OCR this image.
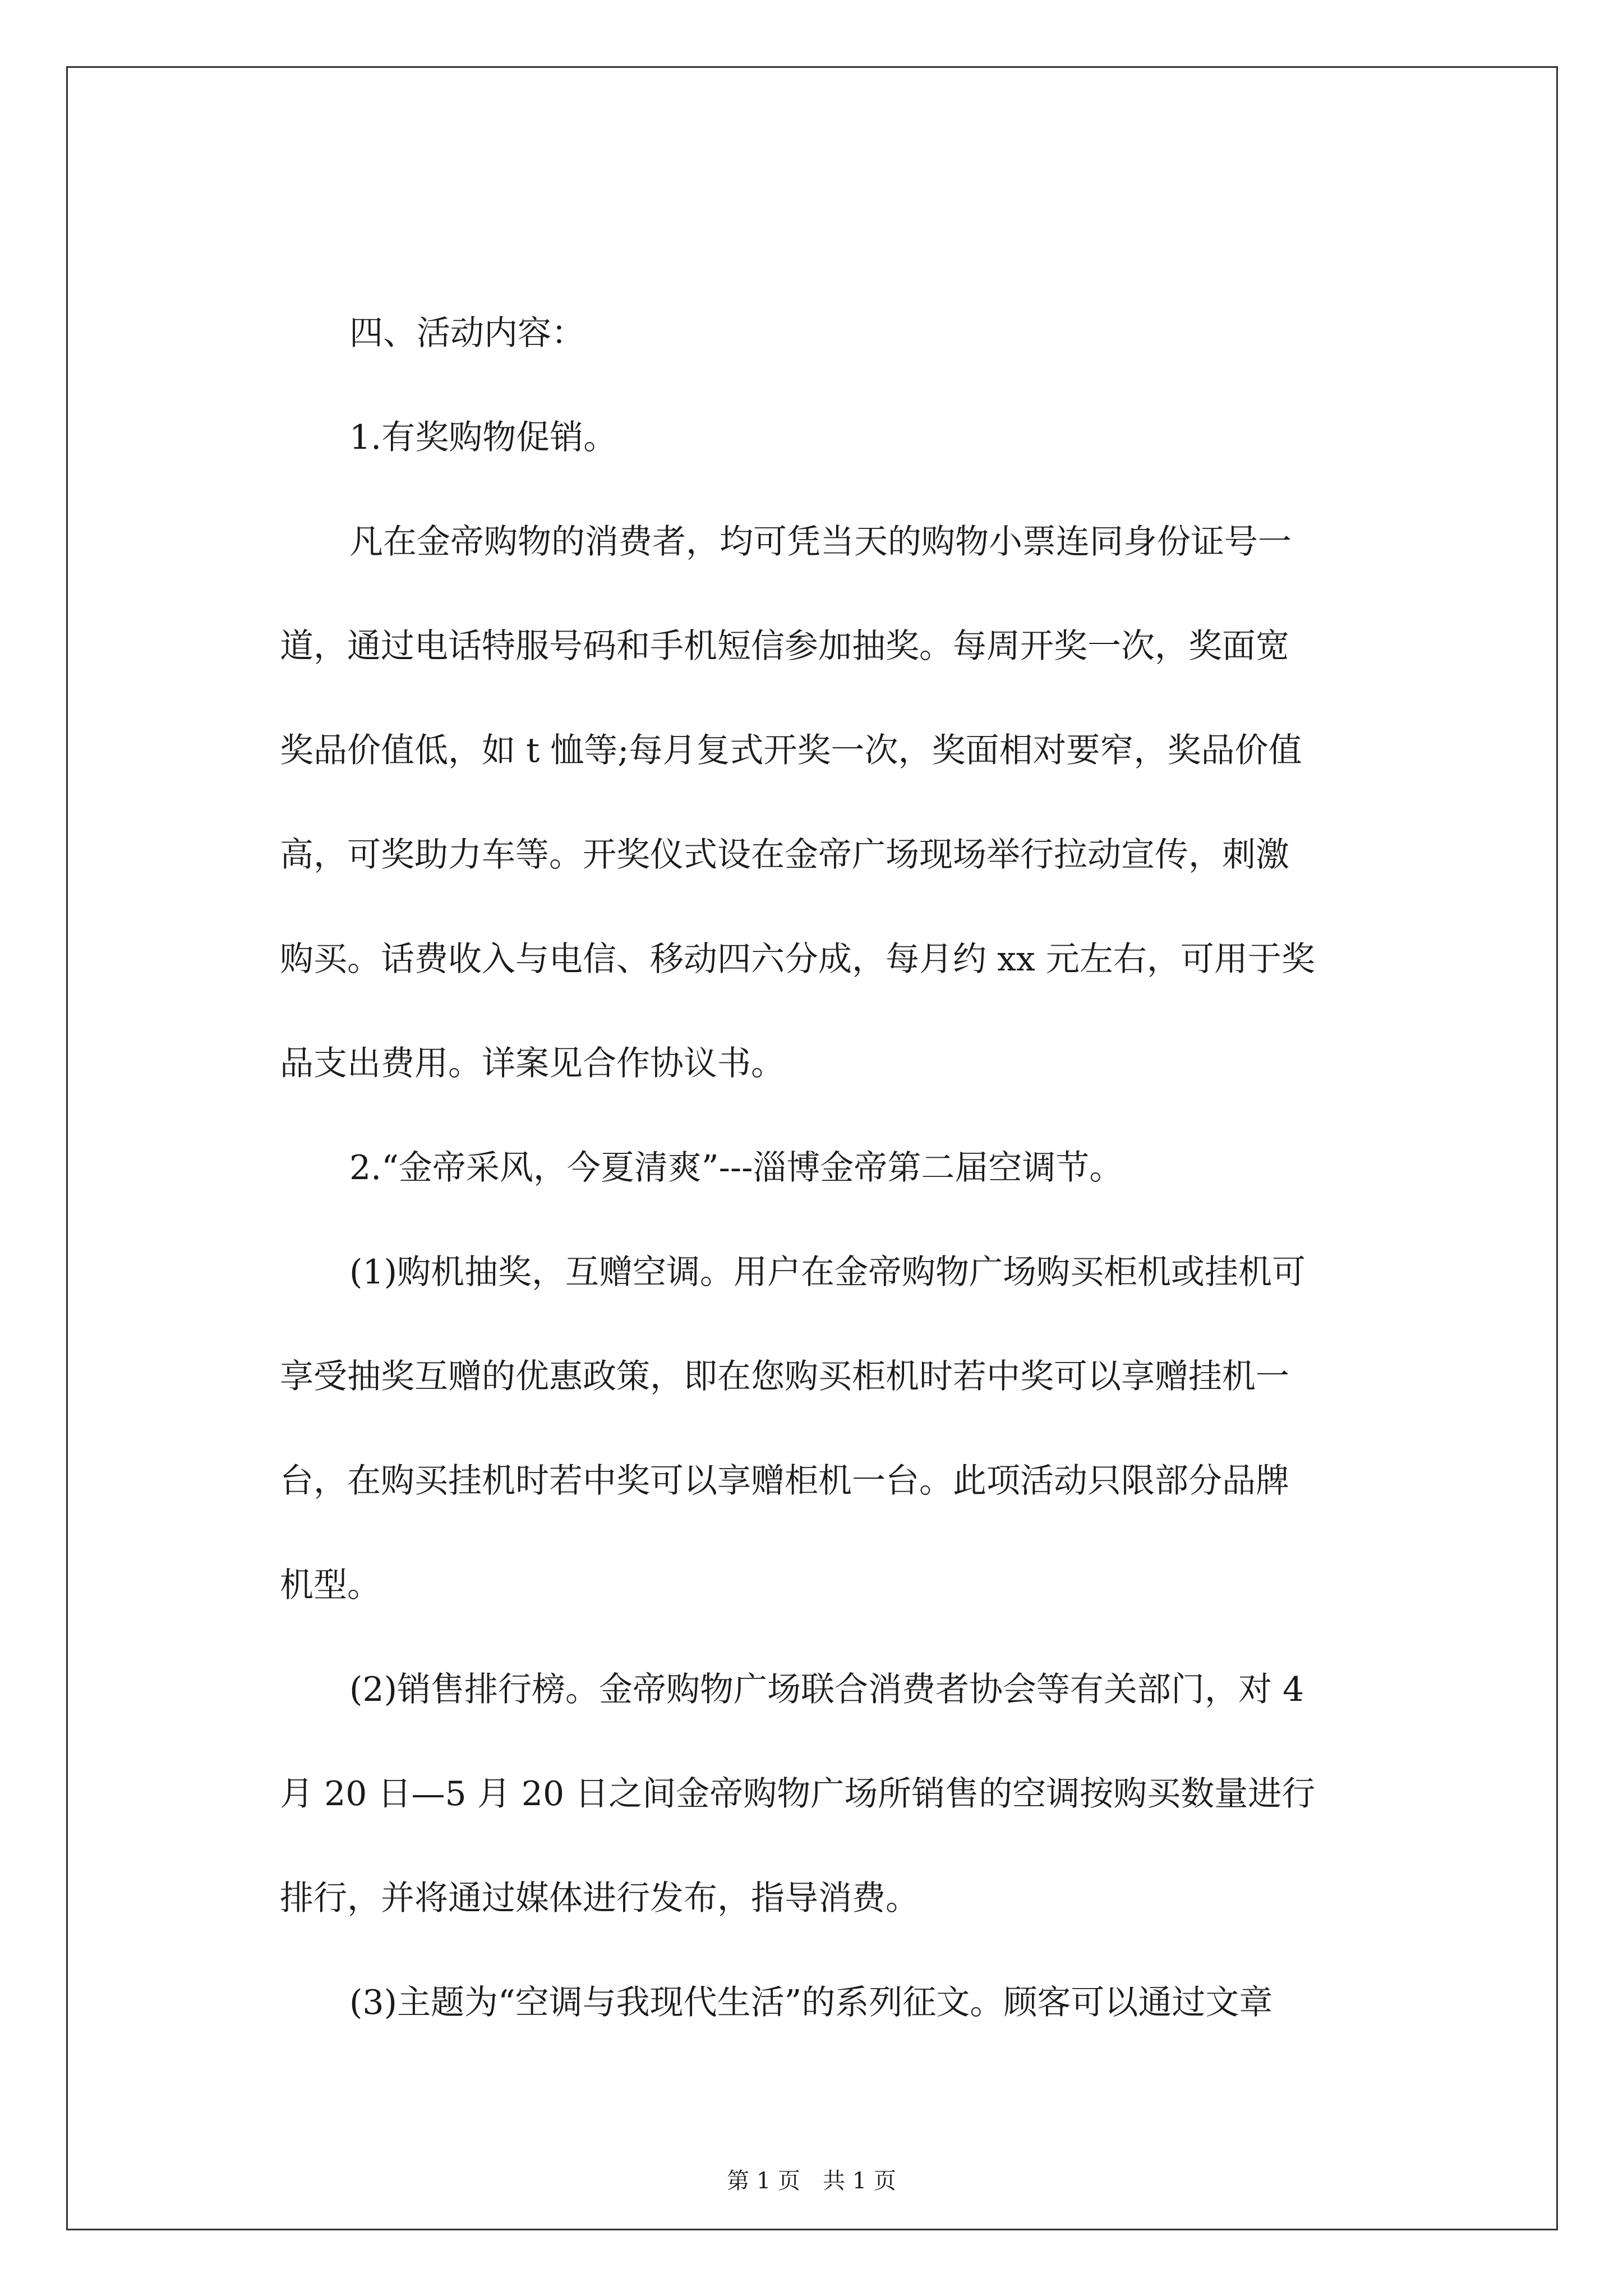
四、活动内容：
1.有奖购物促销。
凡在金帝购物的消费者，均可凭当天的购物小票连同身份证号一
道，通过电话特服号码和手机短信参加抽奖。每周开奖一次，奖面宽
奖品价值低，如 t 恤等;每月复式开奖一次，奖面相对要窄，奖品价值
高，可奖助力车等。开奖仪式设在金帝广场现场举行拉动宣传，刺激
购买。话费收入与电信、移动四六分成，每月约 xx 元左右，可用于奖
品支出费用。详案见合作协议书。
2.“金帝采风，今夏清爽”---淄博金帝第二届空调节。
(1)购机抽奖，互赠空调。用户在金帝购物广场购买柜机或挂机可
享受抽奖互赠的优惠政策，即在您购买柜机时若中奖可以享赠挂机一
台，在购买挂机时若中奖可以享赠柜机一台。此项活动只限部分品牌
机型。
(2)销售排行榜。金帝购物广场联合消费者协会等有关部门，对 4
月 20 日—5 月 20 日之间金帝购物广场所销售的空调按购买数量进行
排行，并将通过媒体进行发布，指导消费。
(3)主题为“空调与我现代生活”的系列征文。顾客可以通过文章
第 1 页　共 1 页
